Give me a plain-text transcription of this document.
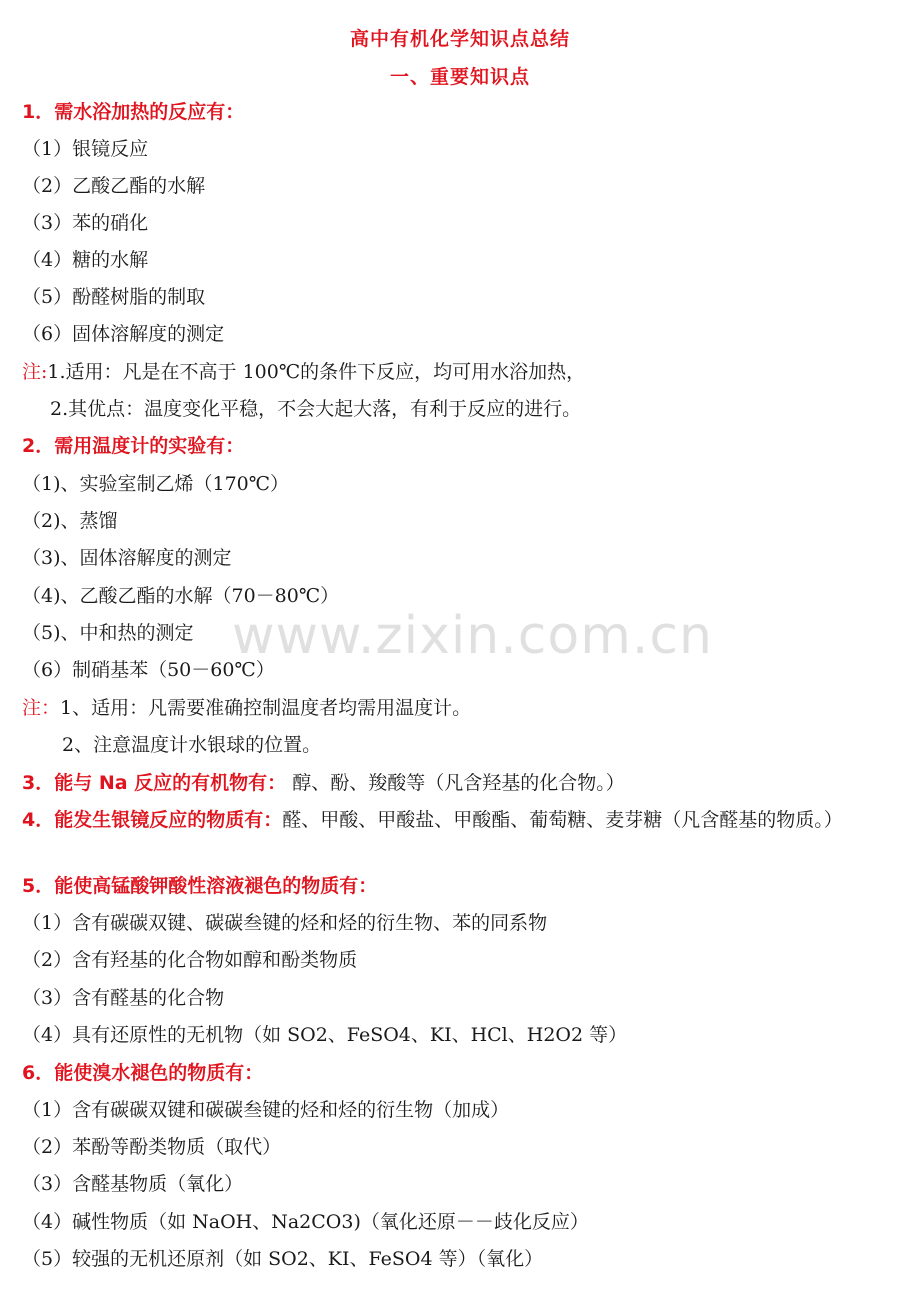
高中有机化学知识点总结
一、重要知识点
1．需水浴加热的反应有：
（1）银镜反应
（2）乙酸乙酯的水解
（3）苯的硝化
（4）糖的水解
（5）酚醛树脂的制取
（6）固体溶解度的测定
注:1.适用：凡是在不高于 100℃的条件下反应，均可用水浴加热，
2.其优点：温度变化平稳，不会大起大落，有利于反应的进行。
2．需用温度计的实验有：
（1)、实验室制乙烯（170℃）
（2)、蒸馏
（3)、固体溶解度的测定
（4)、乙酸乙酯的水解（70－80℃）
（5)、中和热的测定
（6）制硝基苯（50－60℃）
注：1、适用：凡需要准确控制温度者均需用温度计。
2、注意温度计水银球的位置。
3．能与 Na 反应的有机物有： 醇、酚、羧酸等（凡含羟基的化合物。）
4．能发生银镜反应的物质有：醛、甲酸、甲酸盐、甲酸酯、葡萄糖、麦芽糖（凡含醛基的物质。）
5．能使高锰酸钾酸性溶液褪色的物质有：
（1）含有碳碳双键、碳碳叁键的烃和烃的衍生物、苯的同系物
（2）含有羟基的化合物如醇和酚类物质
（3）含有醛基的化合物
（4）具有还原性的无机物（如 SO2、FeSO4、KI、HCl、H2O2 等）
6．能使溴水褪色的物质有：
（1）含有碳碳双键和碳碳叁键的烃和烃的衍生物（加成）
（2）苯酚等酚类物质（取代）
（3）含醛基物质（氧化）
（4）碱性物质（如 NaOH、Na2CO3)（氧化还原－－歧化反应）
（5）较强的无机还原剂（如 SO2、KI、FeSO4 等）（氧化）
www.zixin.com.cn
